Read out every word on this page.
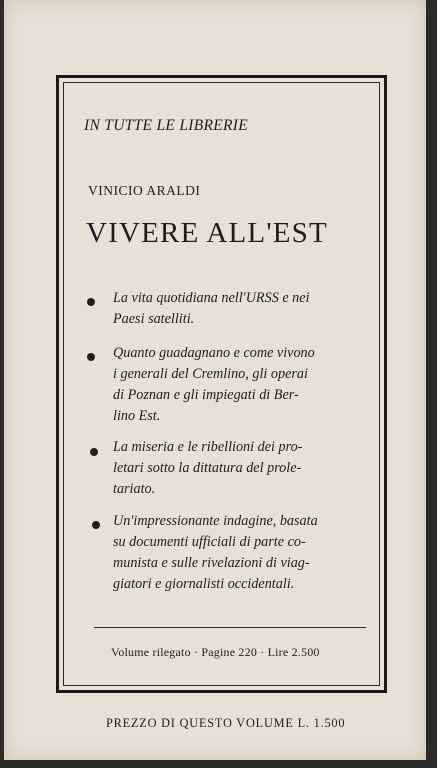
IN TUTTE LE LIBRERIE

VINICIO ARALDI

VIVERE ALL'EST

La vita quotidiana nell'URSS e nei
Paesi satelliti.

Quanto guadagnano e come vivono
i generali del Cremlino, gli operai
di Poznan e gli impiegati di Ber-
lino Est.

La miseria e le ribellioni dei pro-
letari sotto la dittatura del prole-
tariato.

Un'impressionante indagine, basata
su documenti ufficiali di parte co-
munista e sulle rivelazioni di viag-
giatori e giornalisti occidentali.

Volume rilegato · Pagine 220 · Lire 2.500

PREZZO DI QUESTO VOLUME L. 1.500
